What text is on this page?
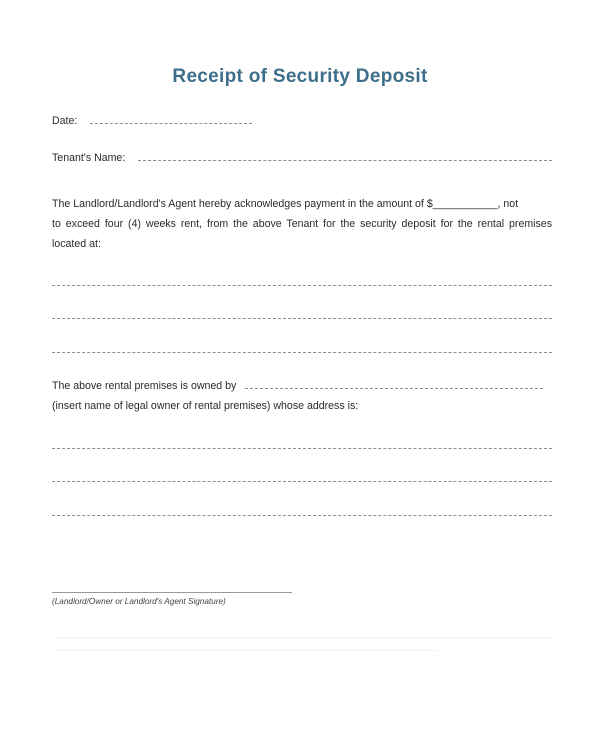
Receipt of Security Deposit
Date:
Tenant's Name:
The Landlord/Landlord's Agent hereby acknowledges payment in the amount of $___________, not
to exceed four (4) weeks rent, from the above Tenant for the security deposit for the rental premises
located at:
The above rental premises is owned by
(insert name of legal owner of rental premises) whose address is:
(Landlord/Owner or Landlord's Agent Signature)
